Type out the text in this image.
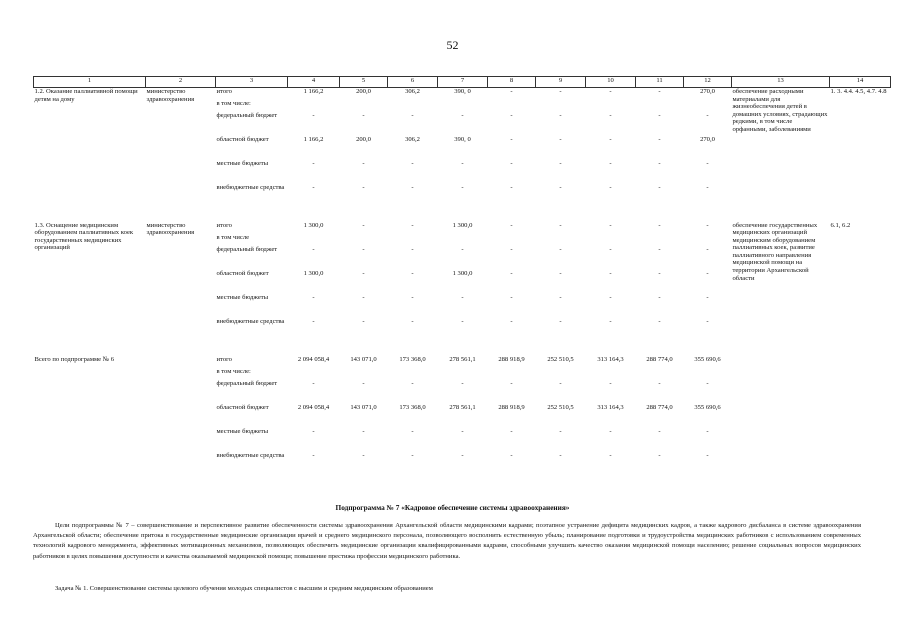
52
1	2	3	4	5	6	7	8	9	10	11	12	13	14
1.2. Оказание паллиативной помощи детям на дому	министерство здравоохранения	итого	1 166,2	200,0	306,2	390, 0	-	-	-	-	270,0	обеспечение расходными материалами для жизнеобеспечения детей в домашних условиях, страдающих редкими, в том числе орфанными, заболеваниями	1. 3. 4.4. 4.5, 4.7. 4.8
		в том числе:											
		федеральный бюджет	-	-	-	-	-	-	-	-	-		
		областной бюджет	1 166,2	200,0	306,2	390, 0	-	-	-	-	270,0		
		местные бюджеты	-	-	-	-	-	-	-	-	-		
		внебюджетные средства	-	-	-	-	-	-	-	-	-		

1.3. Оснащение медицинским оборудованием паллиативных коек государственных медицинских организаций	министерство здравоохранения	итого	1 300,0	-	-	1 300,0	-	-	-	-	-	обеспечение государственных медицинских организаций медицинским оборудованием паллиативных коек, развитие паллиативного направления медицинской помощи на территории Архангельской области	6.1, 6.2
		в том числе											
		федеральный бюджет	-	-	-	-	-	-	-	-	-		
		областной бюджет	1 300,0	-	-	1 300,0	-	-	-	-	-		
		местные бюджеты	-	-	-	-	-	-	-	-	-		
		внебюджетные средства	-	-	-	-	-	-	-	-	-		

Всего по подпрограмме № 6		итого	2 094 058,4	143 071,0	173 368,0	278 561,1	288 918,9	252 510,5	313 164,3	288 774,0	355 690,6		
		в том числе:											
		федеральный бюджет	-	-	-	-	-	-	-	-	-		
		областной бюджет	2 094 058,4	143 071,0	173 368,0	278 561,1	288 918,9	252 510,5	313 164,3	288 774,0	355 690,6		
		местные бюджеты	-	-	-	-	-	-	-	-	-		
		внебюджетные средства	-	-	-	-	-	-	-	-	-		
Подпрограмма № 7 «Кадровое обеспечение системы здравоохранения»
Цели подпрограммы № 7 – совершенствование и перспективное развитие обеспеченности системы здравоохранения Архангельской области медицинскими кадрами; поэтапное устранение дефицита медицинских кадров, а также кадрового дисбаланса в системе здравоохранения Архангельской области; обеспечение притока в государственные медицинские организации врачей и среднего медицинского персонала, позволяющего восполнить естественную убыль; планирование подготовки и трудоустройства медицинских работников с использованием современных технологий кадрового менеджмента, эффективных мотивационных механизмов, позволяющих обеспечить медицинские организации квалифицированными кадрами, способными улучшить качество оказания медицинской помощи населению; решение социальных вопросов медицинских работников в целях повышения доступности и качества оказываемой медицинской помощи; повышение престижа профессии медицинского работника.
Задача № 1. Совершенствование системы целевого обучения молодых специалистов с высшим и средним медицинским образованием
